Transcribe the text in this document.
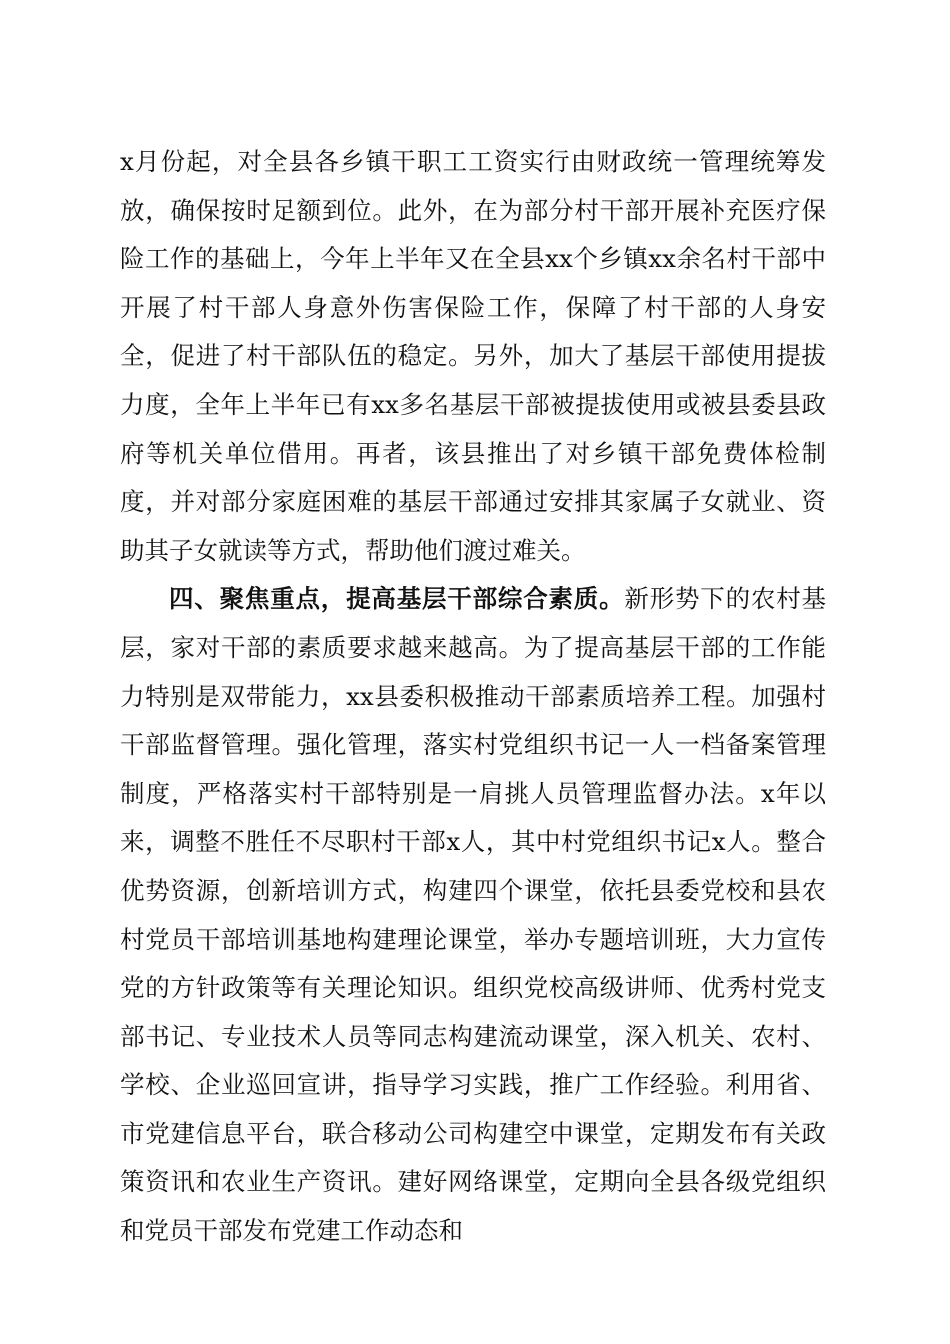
x月份起，对全县各乡镇干职工工资实行由财政统一管理统筹发放，确保按时足额到位。此外，在为部分村干部开展补充医疗保险工作的基础上，今年上半年又在全县xx个乡镇xx余名村干部中开展了村干部人身意外伤害保险工作，保障了村干部的人身安全，促进了村干部队伍的稳定。另外，加大了基层干部使用提拔力度，全年上半年已有xx多名基层干部被提拔使用或被县委县政府等机关单位借用。再者，该县推出了对乡镇干部免费体检制度，并对部分家庭困难的基层干部通过安排其家属子女就业、资助其子女就读等方式，帮助他们渡过难关。

四、聚焦重点，提高基层干部综合素质。新形势下的农村基层，家对干部的素质要求越来越高。为了提高基层干部的工作能力特别是双带能力，xx县委积极推动干部素质培养工程。加强村干部监督管理。强化管理，落实村党组织书记一人一档备案管理制度，严格落实村干部特别是一肩挑人员管理监督办法。x年以来，调整不胜任不尽职村干部x人，其中村党组织书记x人。整合优势资源，创新培训方式，构建四个课堂，依托县委党校和县农村党员干部培训基地构建理论课堂，举办专题培训班，大力宣传党的方针政策等有关理论知识。组织党校高级讲师、优秀村党支部书记、专业技术人员等同志构建流动课堂，深入机关、农村、学校、企业巡回宣讲，指导学习实践，推广工作经验。利用省、市党建信息平台，联合移动公司构建空中课堂，定期发布有关政策资讯和农业生产资讯。建好网络课堂，定期向全县各级党组织和党员干部发布党建工作动态和
